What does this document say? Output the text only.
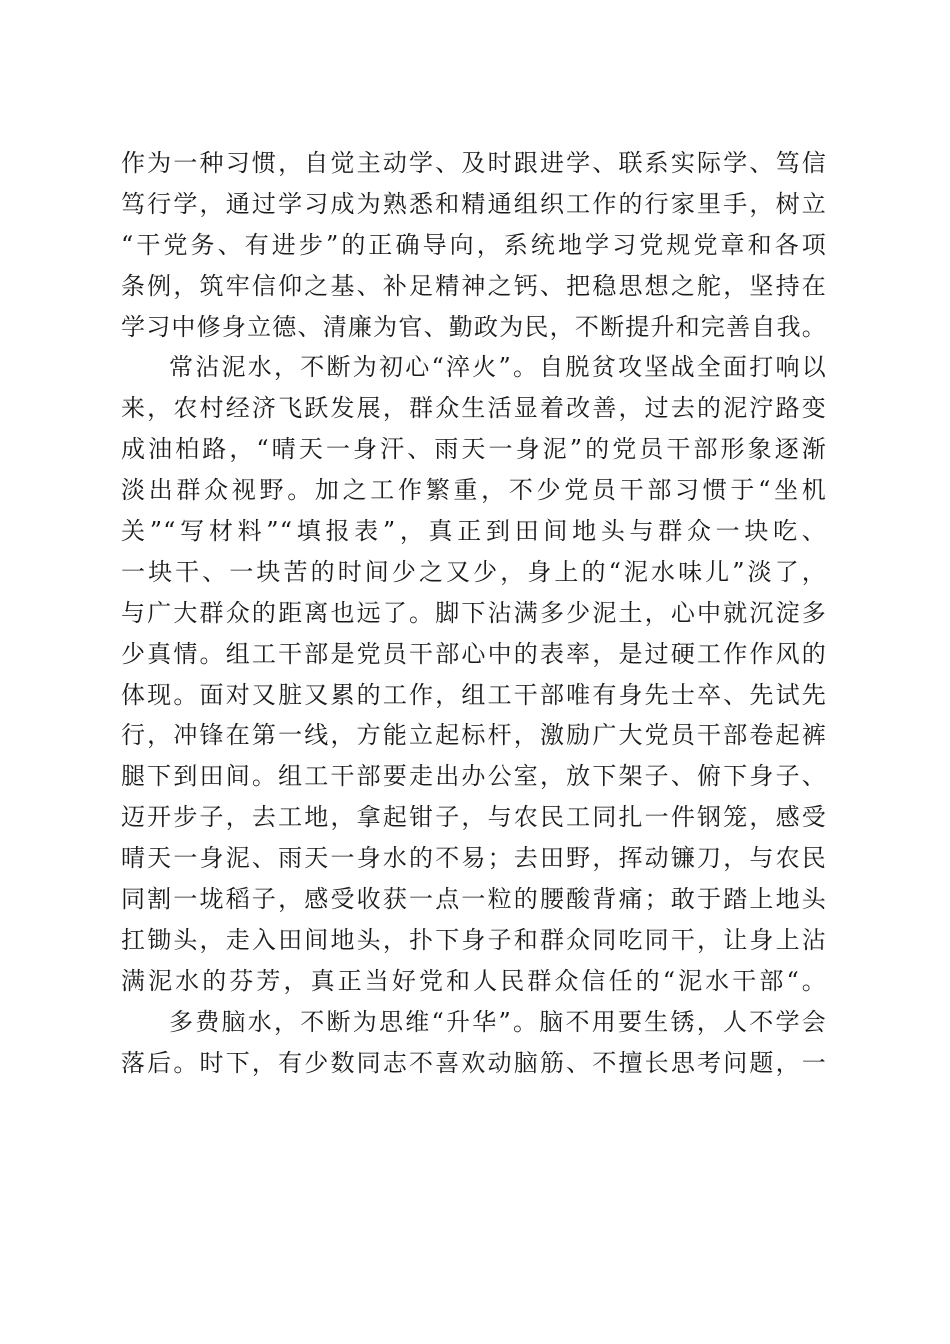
作为一种习惯，自觉主动学、及时跟进学、联系实际学、笃信
笃行学，通过学习成为熟悉和精通组织工作的行家里手，树立
“干党务、有进步”的正确导向，系统地学习党规党章和各项
条例，筑牢信仰之基、补足精神之钙、把稳思想之舵，坚持在
学习中修身立德、清廉为官、勤政为民，不断提升和完善自我。
常沾泥水，不断为初心“淬火”。自脱贫攻坚战全面打响以
来，农村经济飞跃发展，群众生活显着改善，过去的泥泞路变
成油柏路，“晴天一身汗、雨天一身泥”的党员干部形象逐渐
淡出群众视野。加之工作繁重，不少党员干部习惯于“坐机
关”“写材料”“填报表”，真正到田间地头与群众一块吃、
一块干、一块苦的时间少之又少，身上的“泥水味儿”淡了，
与广大群众的距离也远了。脚下沾满多少泥土，心中就沉淀多
少真情。组工干部是党员干部心中的表率，是过硬工作作风的
体现。面对又脏又累的工作，组工干部唯有身先士卒、先试先
行，冲锋在第一线，方能立起标杆，激励广大党员干部卷起裤
腿下到田间。组工干部要走出办公室，放下架子、俯下身子、
迈开步子，去工地，拿起钳子，与农民工同扎一件钢笼，感受
晴天一身泥、雨天一身水的不易；去田野，挥动镰刀，与农民
同割一垅稻子，感受收获一点一粒的腰酸背痛；敢于踏上地头
扛锄头，走入田间地头，扑下身子和群众同吃同干，让身上沾
满泥水的芬芳，真正当好党和人民群众信任的“泥水干部“。
多费脑水，不断为思维“升华”。脑不用要生锈，人不学会
落后。时下，有少数同志不喜欢动脑筋、不擅长思考问题，一
